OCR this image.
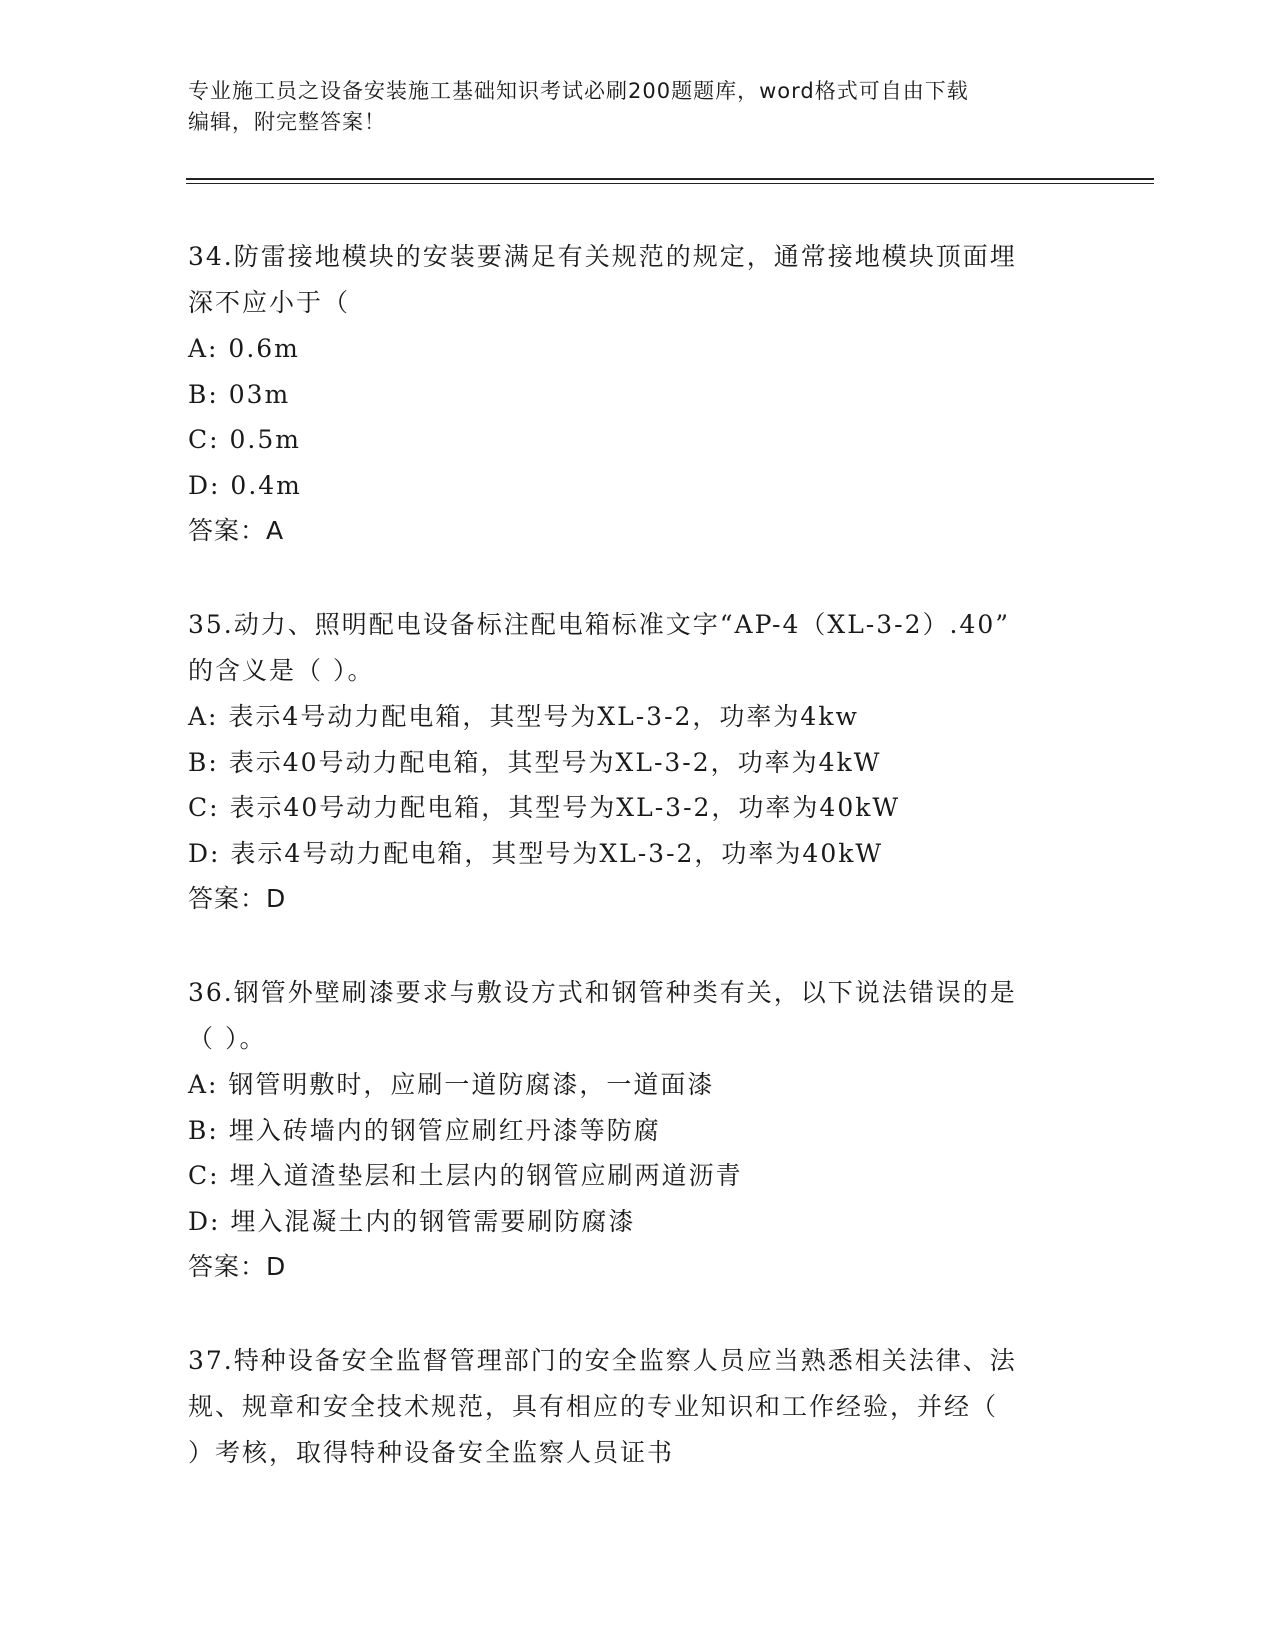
专业施工员之设备安装施工基础知识考试必刷200题题库，word格式可自由下载
编辑，附完整答案！
34.防雷接地模块的安装要满足有关规范的规定，通常接地模块顶面埋
深不应小于（
A: 0.6m
B: 03m
C: 0.5m
D: 0.4m
答案：A
35.动力、照明配电设备标注配电箱标准文字“AP-4（XL-3-2）.40”
的含义是（ ）。
A: 表示4号动力配电箱，其型号为XL-3-2，功率为4kw
B: 表示40号动力配电箱，其型号为XL-3-2，功率为4kW
C: 表示40号动力配电箱，其型号为XL-3-2，功率为40kW
D: 表示4号动力配电箱，其型号为XL-3-2，功率为40kW
答案：D
36.钢管外壁刷漆要求与敷设方式和钢管种类有关，以下说法错误的是
（ ）。
A: 钢管明敷时，应刷一道防腐漆，一道面漆
B: 埋入砖墙内的钢管应刷红丹漆等防腐
C: 埋入道渣垫层和土层内的钢管应刷两道沥青
D: 埋入混凝土内的钢管需要刷防腐漆
答案：D
37.特种设备安全监督管理部门的安全监察人员应当熟悉相关法律、法
规、规章和安全技术规范，具有相应的专业知识和工作经验，并经（
）考核，取得特种设备安全监察人员证书
